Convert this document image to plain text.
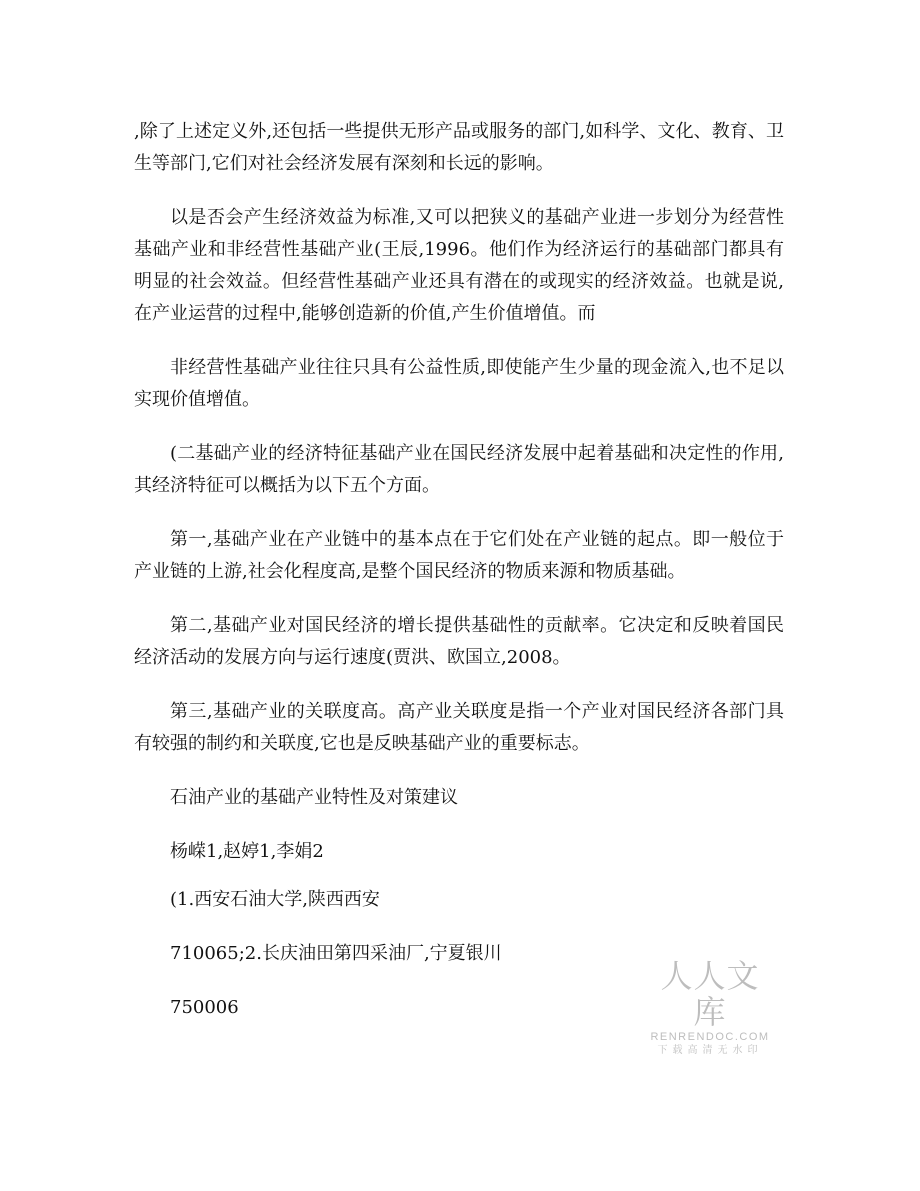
,除了上述定义外,还包括一些提供无形产品或服务的部门,如科学、文化、教育、卫生等部门,它们对社会经济发展有深刻和长远的影响。

以是否会产生经济效益为标准,又可以把狭义的基础产业进一步划分为经营性基础产业和非经营性基础产业(王辰,1996。他们作为经济运行的基础部门都具有明显的社会效益。但经营性基础产业还具有潜在的或现实的经济效益。也就是说,在产业运营的过程中,能够创造新的价值,产生价值增值。而

非经营性基础产业往往只具有公益性质,即使能产生少量的现金流入,也不足以实现价值增值。

(二基础产业的经济特征基础产业在国民经济发展中起着基础和决定性的作用,其经济特征可以概括为以下五个方面。

第一,基础产业在产业链中的基本点在于它们处在产业链的起点。即一般位于产业链的上游,社会化程度高,是整个国民经济的物质来源和物质基础。

第二,基础产业对国民经济的增长提供基础性的贡献率。它决定和反映着国民经济活动的发展方向与运行速度(贾洪、欧国立,2008。

第三,基础产业的关联度高。高产业关联度是指一个产业对国民经济各部门具有较强的制约和关联度,它也是反映基础产业的重要标志。

石油产业的基础产业特性及对策建议

杨嵘1,赵婷1,李娟2

(1.西安石油大学,陕西西安

710065;2.长庆油田第四采油厂,宁夏银川

750006

人人文库
RENRENDOC.COM
下载高清无水印
